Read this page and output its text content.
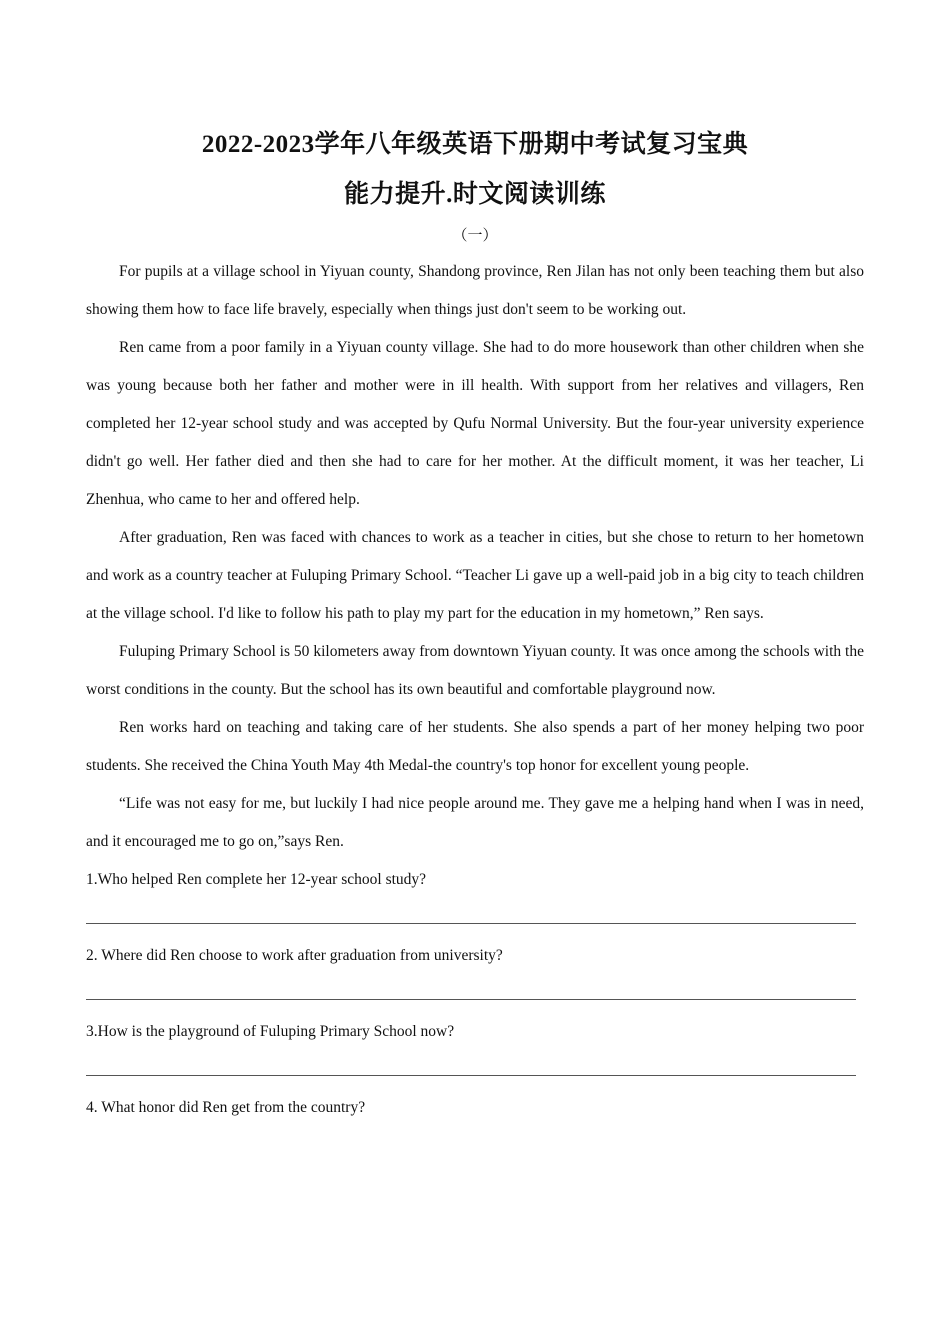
2022-2023学年八年级英语下册期中考试复习宝典
能力提升.时文阅读训练
（一）

For pupils at a village school in Yiyuan county, Shandong province, Ren Jilan has not only been teaching them but also showing them how to face life bravely, especially when things just don't seem to be working out.

Ren came from a poor family in a Yiyuan county village. She had to do more housework than other children when she was young because both her father and mother were in ill health. With support from her relatives and villagers, Ren completed her 12-year school study and was accepted by Qufu Normal University. But the four-year university experience didn't go well. Her father died and then she had to care for her mother. At the difficult moment, it was her teacher, Li Zhenhua, who came to her and offered help.

After graduation, Ren was faced with chances to work as a teacher in cities, but she chose to return to her hometown and work as a country teacher at Fuluping Primary School. “Teacher Li gave up a well-paid job in a big city to teach children at the village school. I'd like to follow his path to play my part for the education in my hometown,” Ren says.

Fuluping Primary School is 50 kilometers away from downtown Yiyuan county. It was once among the schools with the worst conditions in the county. But the school has its own beautiful and comfortable playground now.

Ren works hard on teaching and taking care of her students. She also spends a part of her money helping two poor students. She received the China Youth May 4th Medal-the country's top honor for excellent young people.

“Life was not easy for me, but luckily I had nice people around me. They gave me a helping hand when I was in need, and it encouraged me to go on,”says Ren.

1.Who helped Ren complete her 12-year school study?

2. Where did Ren choose to work after graduation from university?

3.How is the playground of Fuluping Primary School now?

4. What honor did Ren get from the country?
